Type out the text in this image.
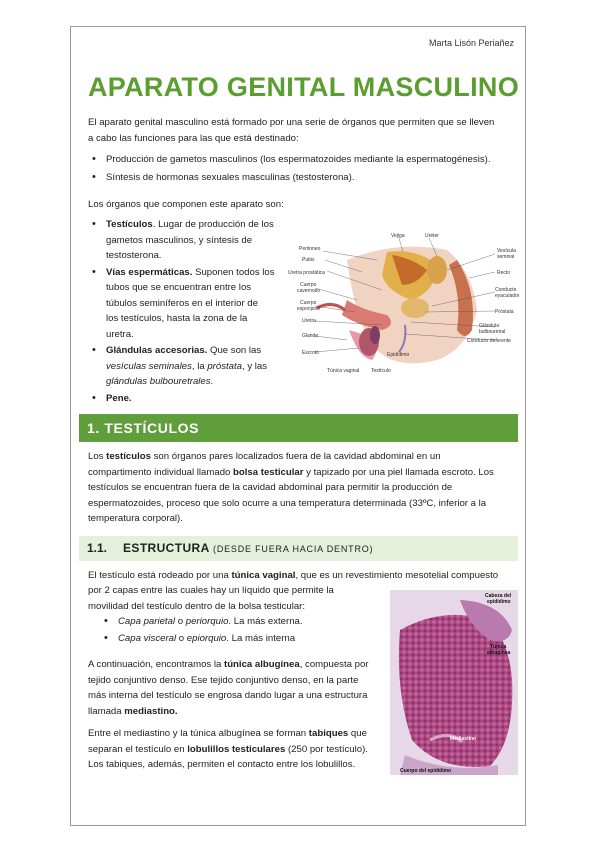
Marta Lisón Periañez
APARATO GENITAL MASCULINO
El aparato genital masculino está formado por una serie de órganos que permiten que se lleven
a cabo las funciones para las que está destinado:
• Producción de gametos masculinos (los espermatozoides mediante la espermatogénesis).
• Síntesis de hormonas sexuales masculinas (testosterona).
Los órganos que componen este aparato son:
• Testículos. Lugar de producción de los
gametos masculinos, y síntesis de
testosterona.
• Vías espermáticas. Suponen todos los
tubos que se encuentran entre los
túbulos seminíferos en el interior de
los testículos, hasta la zona de la
uretra.
• Glándulas accesorias. Que son las
vesículas seminales, la próstata, y las
glándulas bulbouretrales.
• Pene.
Peritoneo
Pubis
Uretra prostática
Cuerpo
cavernoso
Cuerpo
esponjoso
Uretra
Glande
Escroto
Túnica vaginal Testículo
Epidídimo
Vejiga	Uréter
Vesícula
seminal
Recto
Conducto
eyaculador
Próstata
Glándula
bulbouretral
Conducto deferente
1. TESTÍCULOS
Los testículos son órganos pares localizados fuera de la cavidad abdominal en un
compartimento individual llamado bolsa testicular y tapizado por una piel llamada escroto. Los
testículos se encuentran fuera de la cavidad abdominal para permitir la producción de
espermatozoides, proceso que solo ocurre a una temperatura determinada (33ºC, inferior a la
temperatura corporal).
1.1. ESTRUCTURA (DESDE FUERA HACIA DENTRO)
El testículo está rodeado por una túnica vaginal, que es un revestimiento mesotelial compuesto
por 2 capas entre las cuales hay un líquido que permite la
movilidad del testículo dentro de la bolsa testicular:
• Capa parietal o periorquio. La más externa.
• Capa visceral o epiorquio. La más interna
A continuación, encontramos la túnica albugínea, compuesta por
tejido conjuntivo denso. Ese tejido conjuntivo denso, en la parte
más interna del testículo se engrosa dando lugar a una estructura
llamada mediastino.
Entre el mediastino y la túnica albugínea se forman tabiques que
separan el testículo en lobulillos testiculares (250 por testículo).
Los tabiques, además, permiten el contacto entre los lobulillos.
Cabeza del
epidídimo
Túnica
albugínea
Mediastino
Cuerpo del epidídimo
